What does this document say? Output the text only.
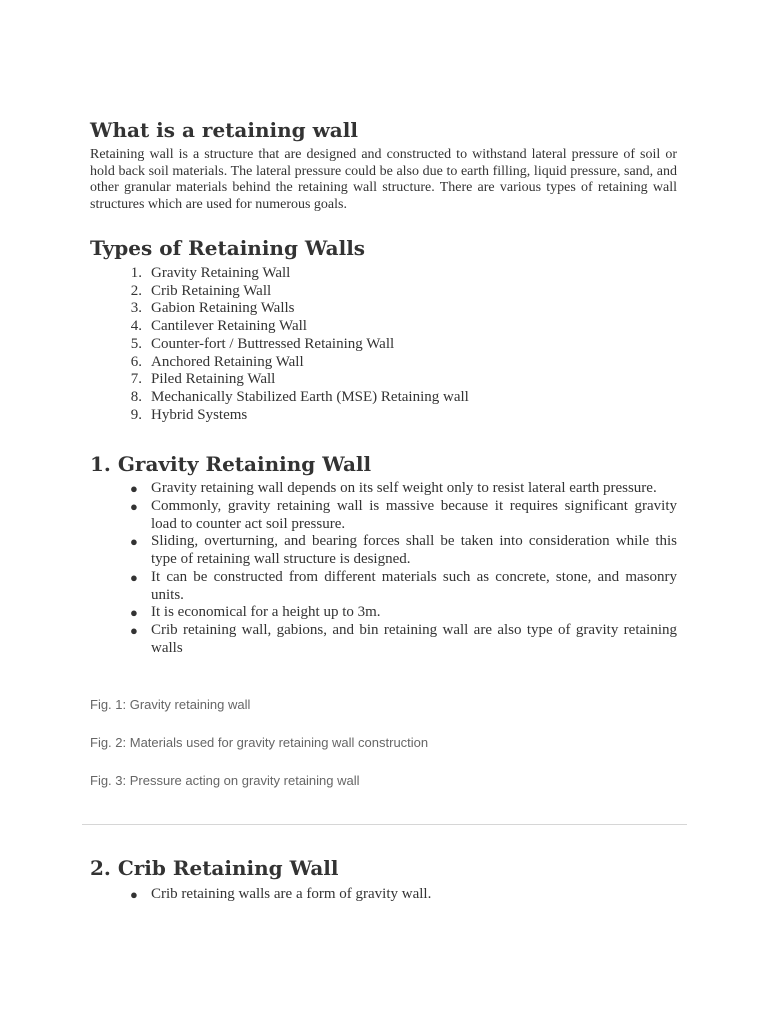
What is a retaining wall

Retaining wall is a structure that are designed and constructed to withstand lateral pressure of soil or hold back soil materials. The lateral pressure could be also due to earth filling, liquid pressure, sand, and other granular materials behind the retaining wall structure. There are various types of retaining wall structures which are used for numerous goals.

Types of Retaining Walls
1. Gravity Retaining Wall
2. Crib Retaining Wall
3. Gabion Retaining Walls
4. Cantilever Retaining Wall
5. Counter-fort / Buttressed Retaining Wall
6. Anchored Retaining Wall
7. Piled Retaining Wall
8. Mechanically Stabilized Earth (MSE) Retaining wall
9. Hybrid Systems
1. Gravity Retaining Wall
● Gravity retaining wall depends on its self weight only to resist lateral earth pressure.
● Commonly, gravity retaining wall is massive because it requires significant gravity load to counter act soil pressure.
● Sliding, overturning, and bearing forces shall be taken into consideration while this type of retaining wall structure is designed.
● It can be constructed from different materials such as concrete, stone, and masonry units.
● It is economical for a height up to 3m.
● Crib retaining wall, gabions, and bin retaining wall are also type of gravity retaining walls
Fig. 1: Gravity retaining wall
Fig. 2: Materials used for gravity retaining wall construction
Fig. 3: Pressure acting on gravity retaining wall
2. Crib Retaining Wall
● Crib retaining walls are a form of gravity wall.
